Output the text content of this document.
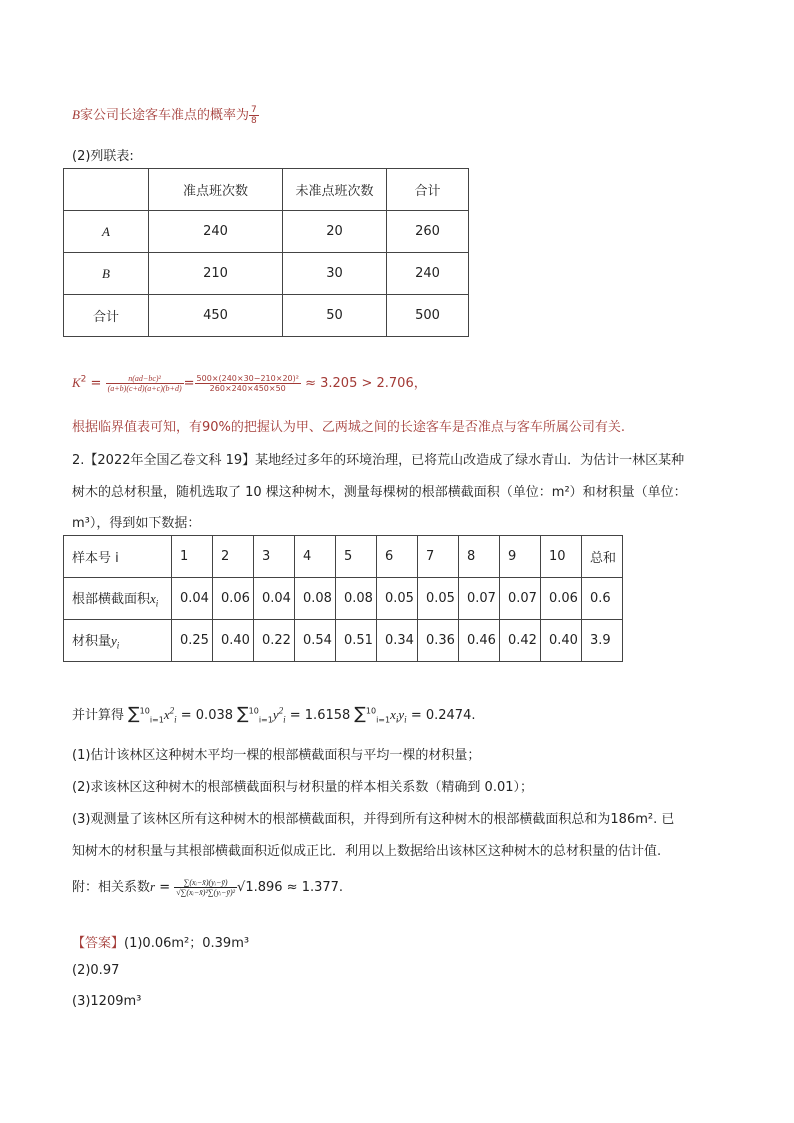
B家公司长途客车准点的概率为 $\frac{7}{8}$
(2)列联表:
	准点班次数	未准点班次数	合计
A	240	20	260
B	210	30	240
合计	450	50	500
$K^2 = \frac{\text{n(ad−bc)²}}{(a+b)(c+d)(a+c)(b+d)} = \frac{\text{500×(240×30−210×20)²}}{260\times 240\times 450\times 50} \approx 3.205 > 2.706$，
根据临界值表可知，有90%的把握认为甲、乙两城之间的长途客车是否准点与客车所属公司有关.
2.【2022年全国乙卷文科 19】某地经过多年的环境治理，已将荒山改造成了绿水青山．为估计一林区某种
树木的总材积量，随机选取了 10 棵这种树木，测量每棵树的根部横截面积（单位：m²）和材积量（单位：
m³），得到如下数据：
样本号 i	1	2	3	4	5	6	7	8	9	10	总和
根部横截面积$x_i$	0.04	0.06	0.04	0.08	0.08	0.05	0.05	0.07	0.07	0.06	0.6
材积量$y_i$	0.25	0.40	0.22	0.54	0.51	0.34	0.36	0.46	0.42	0.40	3.9
并计算得 $\sum^{10}_{i=1}x^2_i = 0.038$ $\sum^{10}_{i=1}y^2_i = 1.6158$ $\sum^{10}_{i=1}x_iy_i = 0.2474$.
(1)估计该林区这种树木平均一棵的根部横截面积与平均一棵的材积量；
(2)求该林区这种树木的根部横截面积与材积量的样本相关系数（精确到 0.01）；
(3)观测量了该林区所有这种树木的根部横截面积，并得到所有这种树木的根部横截面积总和为186m². 已
知树木的材积量与其根部横截面积近似成正比．利用以上数据给出该林区这种树木的总材积量的估计值.
附：相关系数$r = \frac{\text{∑(xᵢ−x̄)(yᵢ−ȳ)}}{\text{√∑(xᵢ−x̄)²∑(yᵢ−ȳ)²}} √1.896 \approx 1.377$.
【答案】(1)0.06m²；0.39m³
(2)0.97
(3)1209m³
